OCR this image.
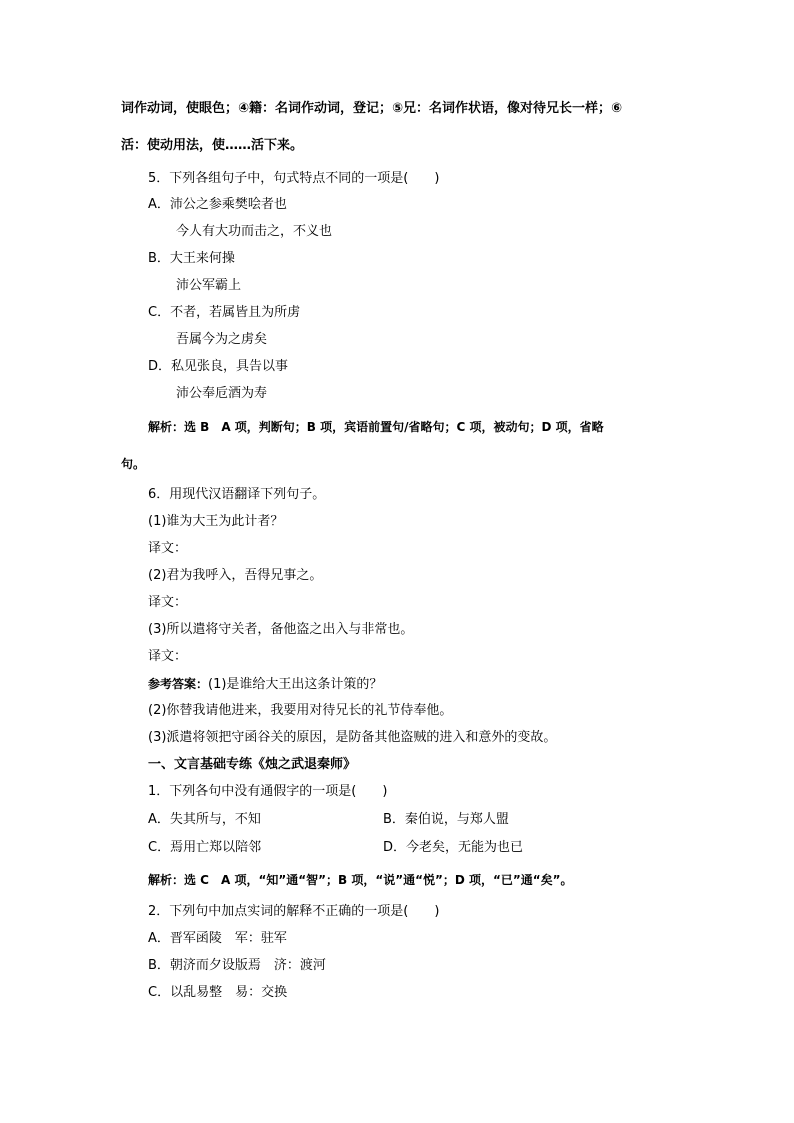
词作动词，使眼色；④籍：名词作动词，登记；⑤兄：名词作状语，像对待兄长一样；⑥
活：使动用法，使……活下来。
5．下列各组句子中，句式特点不同的一项是(　　)
A．沛公之参乘樊哙者也
今人有大功而击之，不义也
B．大王来何操
沛公军霸上
C．不者，若属皆且为所虏
吾属今为之虏矣
D．私见张良，具告以事
沛公奉卮酒为寿
解析：选 B　A 项，判断句；B 项，宾语前置句/省略句；C 项，被动句；D 项，省略
句。
6．用现代汉语翻译下列句子。
(1)谁为大王为此计者？
译文：
(2)君为我呼入，吾得兄事之。
译文：
(3)所以遣将守关者，备他盗之出入与非常也。
译文：
参考答案：(1)是谁给大王出这条计策的？
(2)你替我请他进来，我要用对待兄长的礼节侍奉他。
(3)派遣将领把守函谷关的原因，是防备其他盗贼的进入和意外的变故。
一、文言基础专练《烛之武退秦师》
1．下列各句中没有通假字的一项是(　　)
A．失其所与，不知	B．秦伯说，与郑人盟
C．焉用亡郑以陪邻	D．今老矣，无能为也已
解析：选 C　A 项，“知”通“智”；B 项，“说”通“悦”；D 项，“已”通“矣”。
2．下列句中加点实词的解释不正确的一项是(　　)
A．晋军函陵　军：驻军
B．朝济而夕设版焉　济：渡河
C．以乱易整　易：交换
